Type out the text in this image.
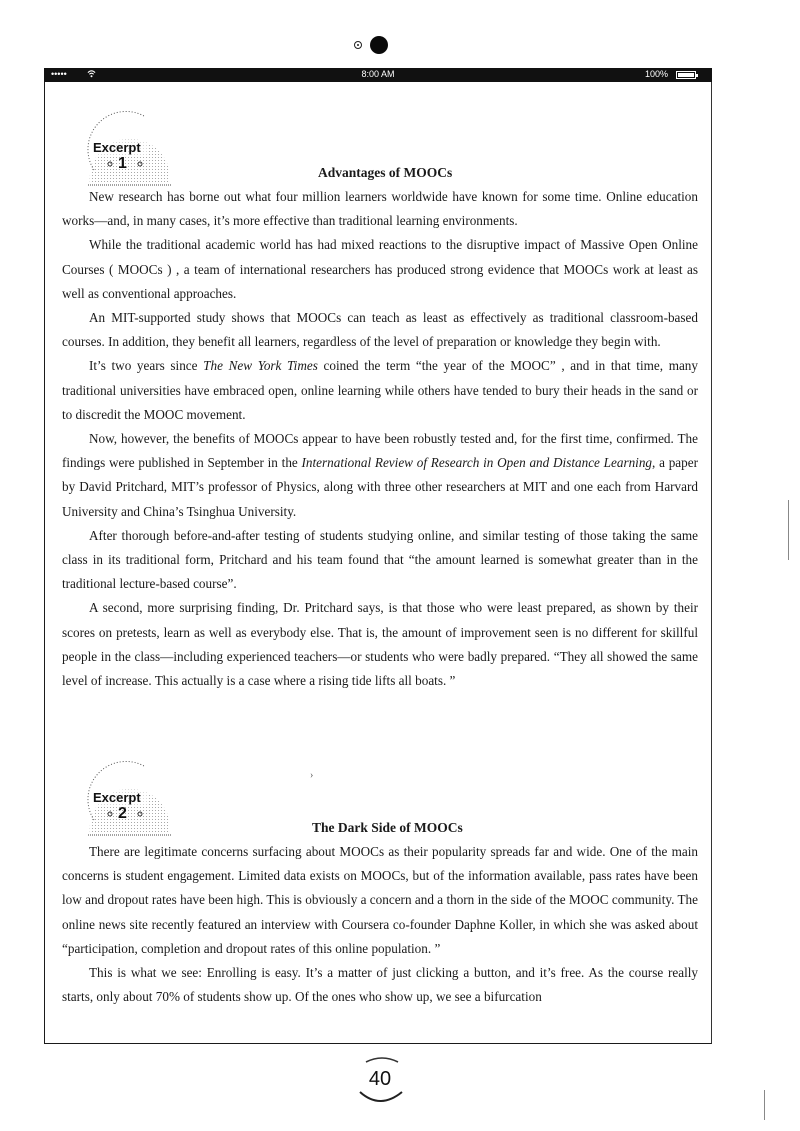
•••••	8:00 AM	100%
Excerpt
1
Advantages of MOOCs

New research has borne out what four million learners worldwide have known for some time. Online education works—and, in many cases, it’s more effective than traditional learning environments.

While the traditional academic world has had mixed reactions to the disruptive impact of Massive Open Online Courses ( MOOCs ) , a team of international researchers has produced strong evidence that MOOCs work at least as well as conventional approaches.

An MIT-supported study shows that MOOCs can teach as least as effectively as traditional classroom-based courses. In addition, they benefit all learners, regardless of the level of preparation or knowledge they begin with.

It’s two years since The New York Times coined the term “the year of the MOOC” , and in that time, many traditional universities have embraced open, online learning while others have tended to bury their heads in the sand or to discredit the MOOC movement.

Now, however, the benefits of MOOCs appear to have been robustly tested and, for the first time, confirmed. The findings were published in September in the International Review of Research in Open and Distance Learning, a paper by David Pritchard, MIT’s professor of Physics, along with three other researchers at MIT and one each from Harvard University and China’s Tsinghua University.

After thorough before-and-after testing of students studying online, and similar testing of those taking the same class in its traditional form, Pritchard and his team found that “the amount learned is somewhat greater than in the traditional lecture-based course”.

A second, more surprising finding, Dr. Pritchard says, is that those who were least prepared, as shown by their scores on pretests, learn as well as everybody else. That is, the amount of improvement seen is no different for skillful people in the class—including experienced teachers—or students who were badly prepared. “They all showed the same level of increase. This actually is a case where a rising tide lifts all boats. ”

›
Excerpt
2
The Dark Side of MOOCs

There are legitimate concerns surfacing about MOOCs as their popularity spreads far and wide. One of the main concerns is student engagement. Limited data exists on MOOCs, but of the information available, pass rates have been low and dropout rates have been high. This is obviously a concern and a thorn in the side of the MOOC community. The online news site recently featured an interview with Coursera co-founder Daphne Koller, in which she was asked about “participation, completion and dropout rates of this online population. ”

This is what we see: Enrolling is easy. It’s a matter of just clicking a button, and it’s free. As the course really starts, only about 70% of students show up. Of the ones who show up, we see a bifurcation

40
